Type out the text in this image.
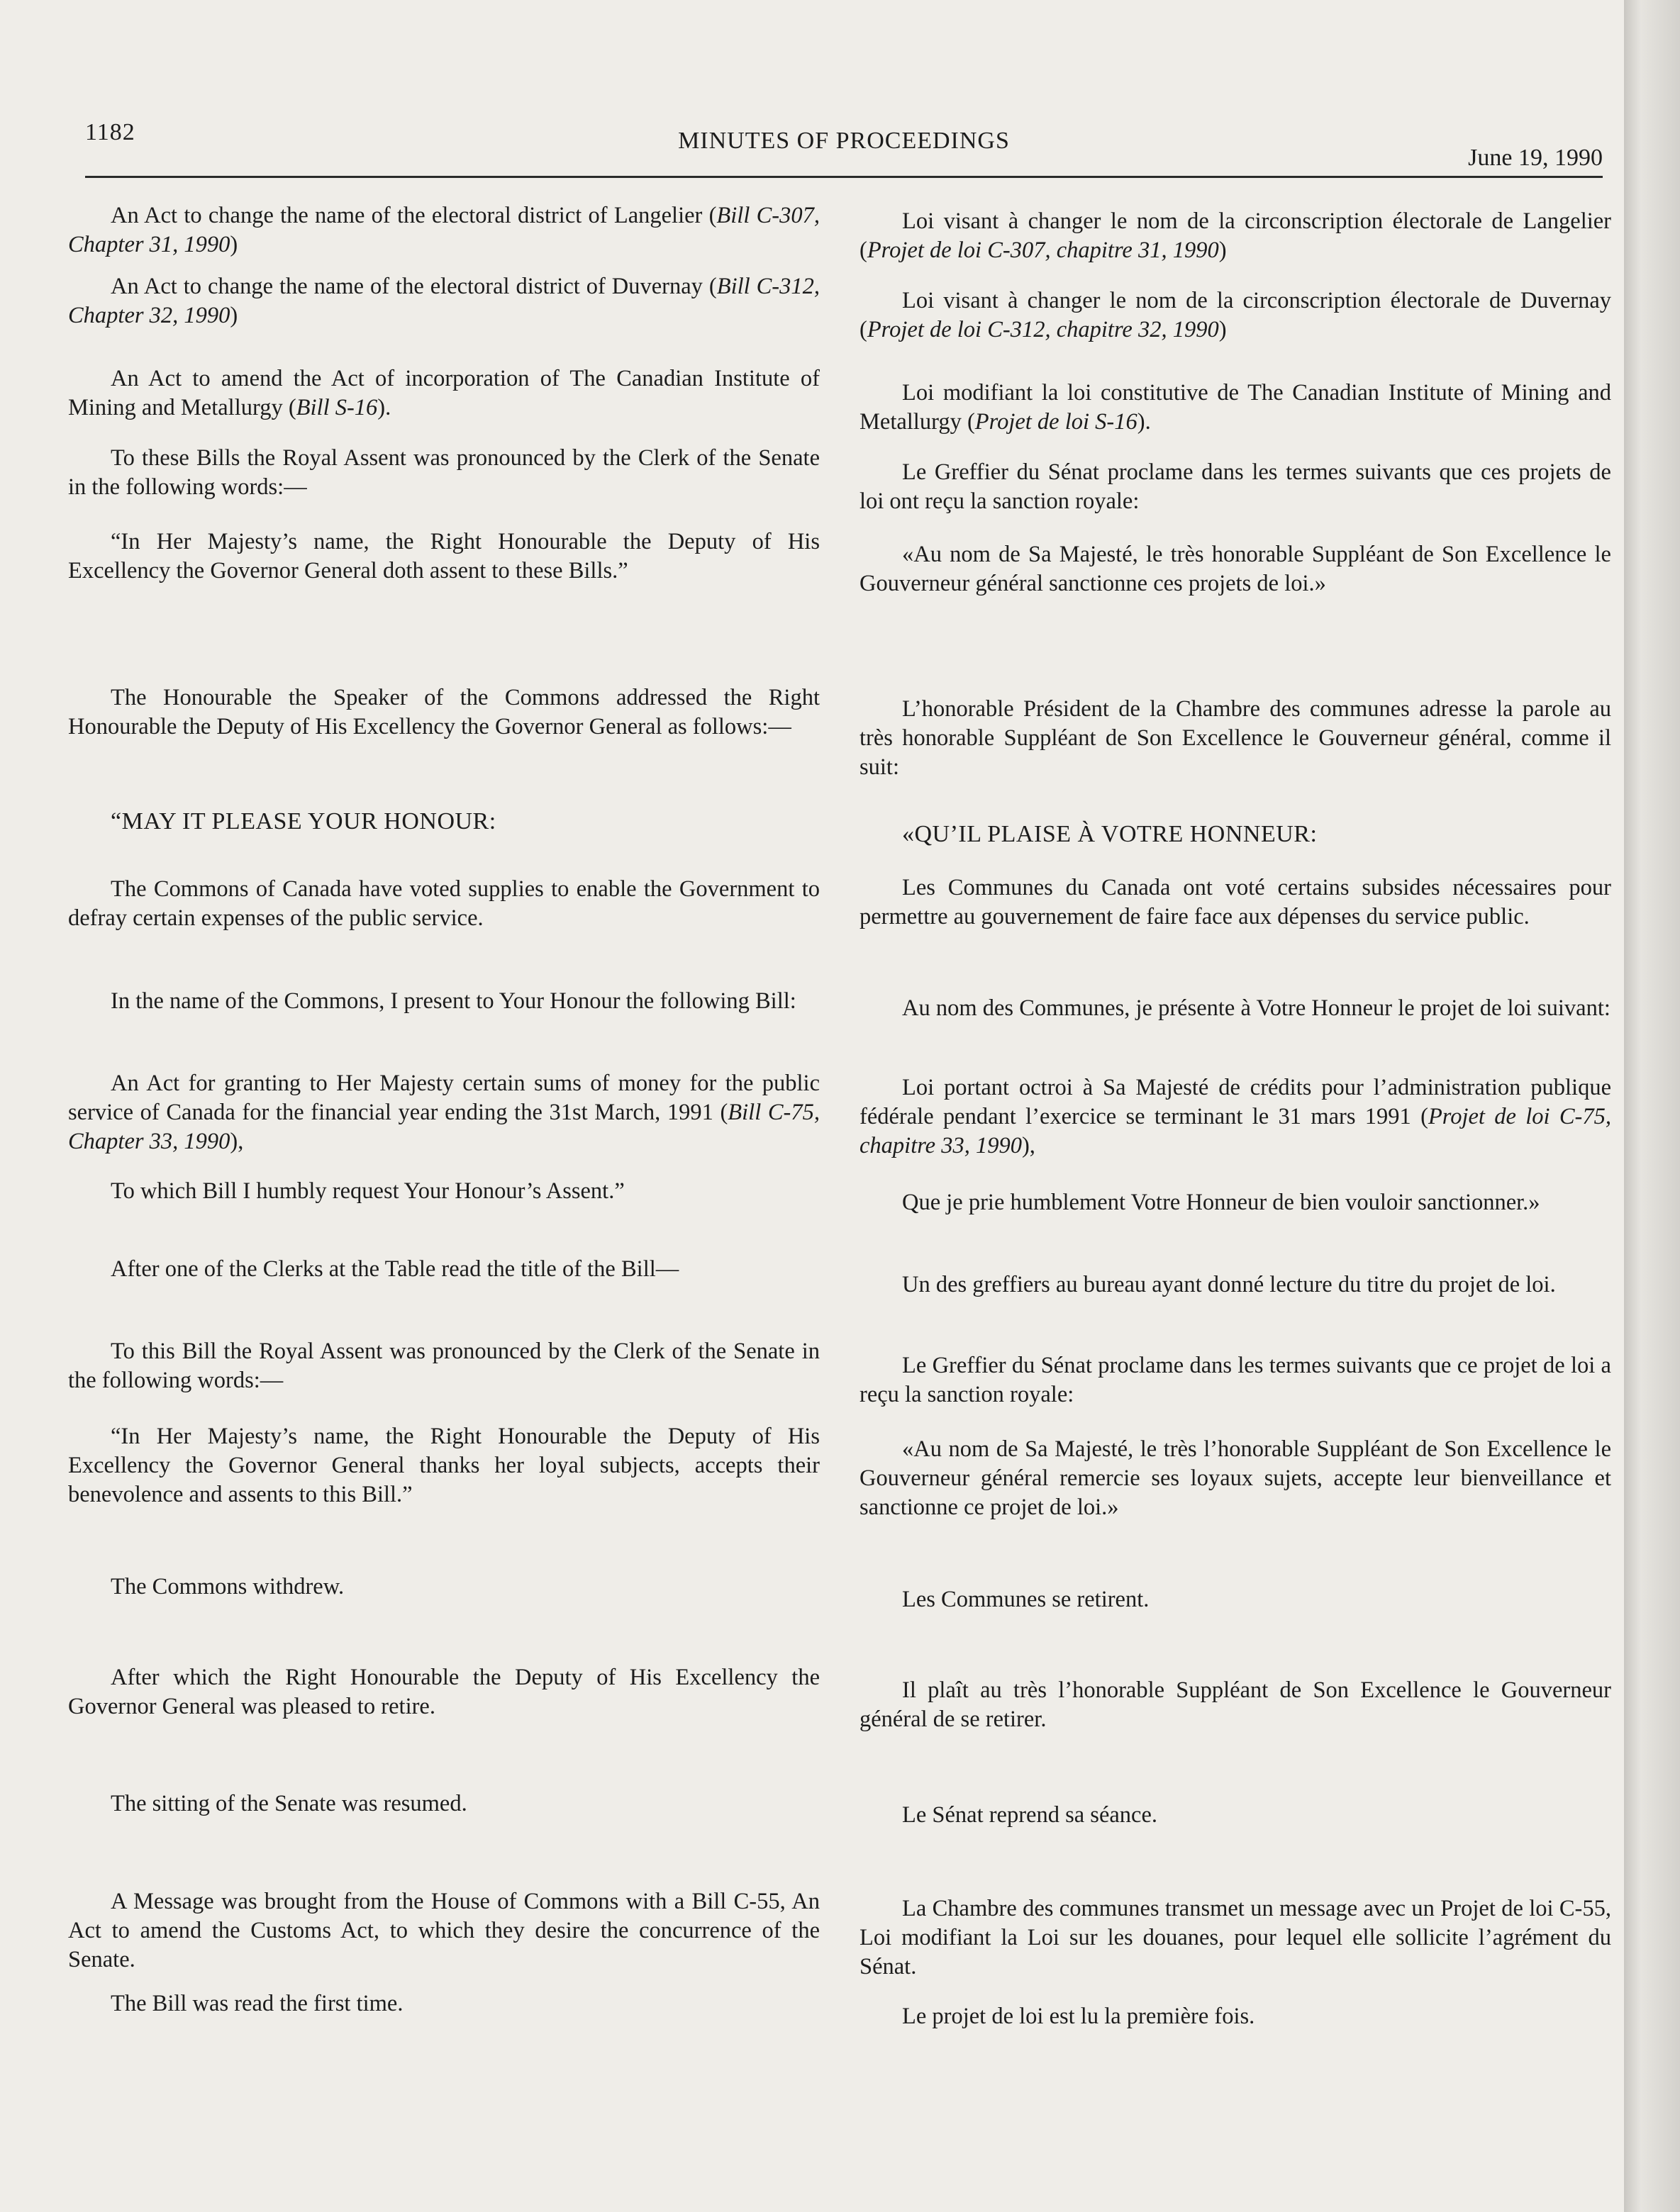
1182	MINUTES OF PROCEEDINGS
June 19, 1990

An Act to change the name of the electoral district of Langelier (Bill C-307, Chapter 31, 1990)

An Act to change the name of the electoral district of Duvernay (Bill C-312, Chapter 32, 1990)

An Act to amend the Act of incorporation of The Canadian Institute of Mining and Metallurgy (Bill S-16).

To these Bills the Royal Assent was pronounced by the Clerk of the Senate in the following words:—

“In Her Majesty’s name, the Right Honourable the Deputy of His Excellency the Governor General doth assent to these Bills.”

The Honourable the Speaker of the Commons addressed the Right Honourable the Deputy of His Excellency the Governor General as follows:—

“MAY IT PLEASE YOUR HONOUR:

The Commons of Canada have voted supplies to enable the Government to defray certain expenses of the public service.

In the name of the Commons, I present to Your Honour the following Bill:

An Act for granting to Her Majesty certain sums of money for the public service of Canada for the financial year ending the 31st March, 1991 (Bill C-75, Chapter 33, 1990),

To which Bill I humbly request Your Honour’s Assent.”

After one of the Clerks at the Table read the title of the Bill—

To this Bill the Royal Assent was pronounced by the Clerk of the Senate in the following words:—

“In Her Majesty’s name, the Right Honourable the Deputy of His Excellency the Governor General thanks her loyal subjects, accepts their benevolence and assents to this Bill.”

The Commons withdrew.

After which the Right Honourable the Deputy of His Excellency the Governor General was pleased to retire.

The sitting of the Senate was resumed.

A Message was brought from the House of Commons with a Bill C-55, An Act to amend the Customs Act, to which they desire the concurrence of the Senate.

The Bill was read the first time.

Loi visant à changer le nom de la circonscription électorale de Langelier (Projet de loi C-307, chapitre 31, 1990)

Loi visant à changer le nom de la circonscription électorale de Duvernay (Projet de loi C-312, chapitre 32, 1990)

Loi modifiant la loi constitutive de The Canadian Institute of Mining and Metallurgy (Projet de loi S-16).

Le Greffier du Sénat proclame dans les termes suivants que ces projets de loi ont reçu la sanction royale:

«Au nom de Sa Majesté, le très honorable Suppléant de Son Excellence le Gouverneur général sanctionne ces projets de loi.»

L’honorable Président de la Chambre des communes adresse la parole au très honorable Suppléant de Son Excellence le Gouverneur général, comme il suit:

«QU’IL PLAISE À VOTRE HONNEUR:

Les Communes du Canada ont voté certains subsides nécessaires pour permettre au gouvernement de faire face aux dépenses du service public.

Au nom des Communes, je présente à Votre Honneur le projet de loi suivant:

Loi portant octroi à Sa Majesté de crédits pour l’administration publique fédérale pendant l’exercice se terminant le 31 mars 1991 (Projet de loi C-75, chapitre 33, 1990),

Que je prie humblement Votre Honneur de bien vouloir sanctionner.»

Un des greffiers au bureau ayant donné lecture du titre du projet de loi.

Le Greffier du Sénat proclame dans les termes suivants que ce projet de loi a reçu la sanction royale:

«Au nom de Sa Majesté, le très l’honorable Suppléant de Son Excellence le Gouverneur général remercie ses loyaux sujets, accepte leur bienveillance et sanctionne ce projet de loi.»

Les Communes se retirent.

Il plaît au très l’honorable Suppléant de Son Excellence le Gouverneur général de se retirer.

Le Sénat reprend sa séance.

La Chambre des communes transmet un message avec un Projet de loi C-55, Loi modifiant la Loi sur les douanes, pour lequel elle sollicite l’agrément du Sénat.

Le projet de loi est lu la première fois.
